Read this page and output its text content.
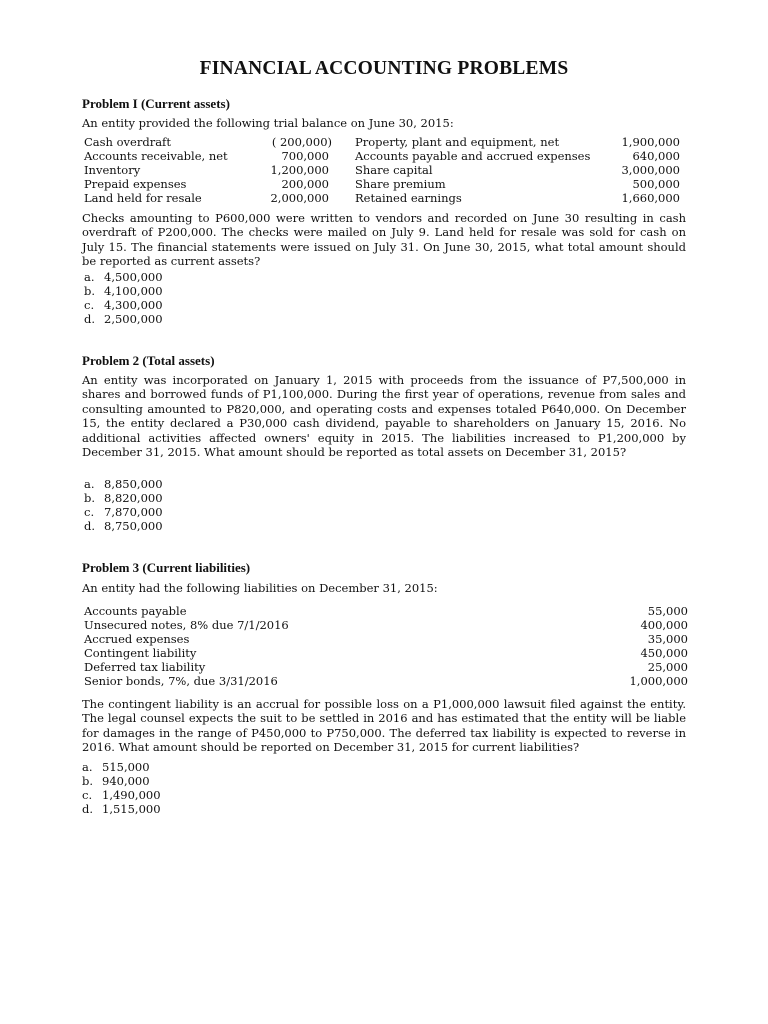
FINANCIAL ACCOUNTING PROBLEMS
Problem I (Current assets)
An entity provided the following trial balance on June 30, 2015:
Cash overdraft	( 200,000)
Accounts receivable, net	700,000
Inventory	1,200,000
Prepaid expenses	200,000
Land held for resale	2,000,000
Property, plant and equipment, net	1,900,000
Accounts payable and accrued expenses	640,000
Share capital	3,000,000
Share premium	500,000
Retained earnings	1,660,000
Checks amounting to P600,000 were written to vendors and recorded on June 30 resulting in cash overdraft of P200,000. The checks were mailed on July 9. Land held for resale was sold for cash on July 15. The financial statements were issued on July 31. On June 30, 2015, what total amount should be reported as current assets?
a. 4,500,000
b. 4,100,000
c. 4,300,000
d. 2,500,000
Problem 2 (Total assets)
An entity was incorporated on January 1, 2015 with proceeds from the issuance of P7,500,000 in shares and borrowed funds of P1,100,000. During the first year of operations, revenue from sales and consulting amounted to P820,000, and operating costs and expenses totaled P640,000. On December 15, the entity declared a P30,000 cash dividend, payable to shareholders on January 15, 2016. No additional activities affected owners' equity in 2015. The liabilities increased to P1,200,000 by December 31, 2015. What amount should be reported as total assets on December 31, 2015?
a. 8,850,000
b. 8,820,000
c. 7,870,000
d. 8,750,000
Problem 3 (Current liabilities)
An entity had the following liabilities on December 31, 2015:
Accounts payable	55,000
Unsecured notes, 8% due 7/1/2016	400,000
Accrued expenses	35,000
Contingent liability	450,000
Deferred tax liability	25,000
Senior bonds, 7%, due 3/31/2016	1,000,000
The contingent liability is an accrual for possible loss on a P1,000,000 lawsuit filed against the entity. The legal counsel expects the suit to be settled in 2016 and has estimated that the entity will be liable for damages in the range of P450,000 to P750,000. The deferred tax liability is expected to reverse in 2016. What amount should be reported on December 31, 2015 for current liabilities?
a. 515,000
b. 940,000
c. 1,490,000
d. 1,515,000
